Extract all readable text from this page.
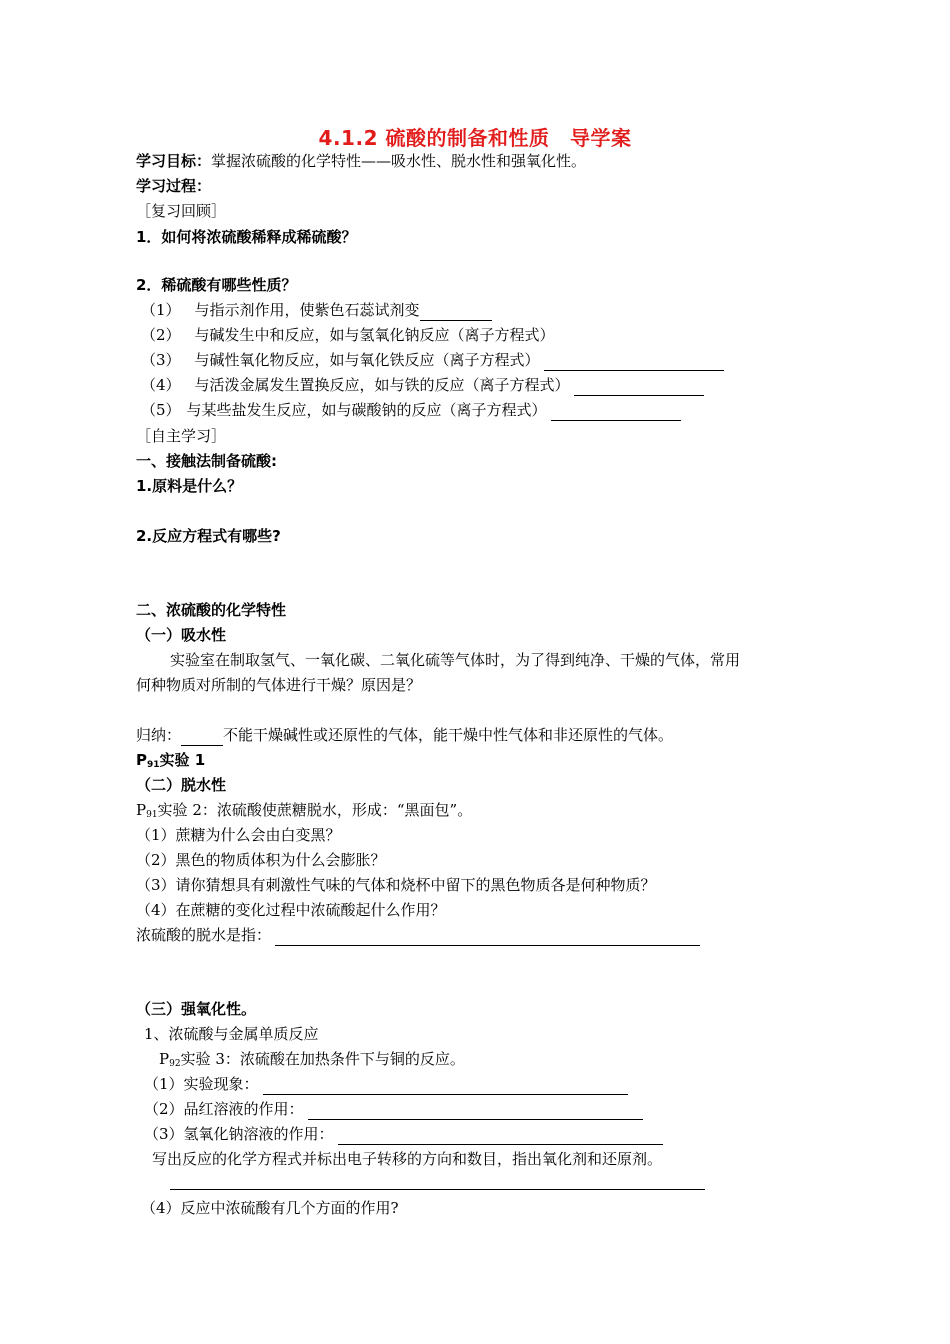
4.1.2 硫酸的制备和性质　导学案
学习目标：掌握浓硫酸的化学特性——吸水性、脱水性和强氧化性。
学习过程：
［复习回顾］
1．如何将浓硫酸稀释成稀硫酸？
2．稀硫酸有哪些性质？
（1） 与指示剂作用，使紫色石蕊试剂变
（2） 与碱发生中和反应，如与氢氧化钠反应（离子方程式）
（3） 与碱性氧化物反应，如与氧化铁反应（离子方程式）
（4） 与活泼金属发生置换反应，如与铁的反应（离子方程式）
（5） 与某些盐发生反应，如与碳酸钠的反应（离子方程式）
［自主学习］
一、接触法制备硫酸:
1.原料是什么？
2.反应方程式有哪些?
二、浓硫酸的化学特性
（一）吸水性
实验室在制取氢气、一氧化碳、二氧化硫等气体时，为了得到纯净、干燥的气体，常用
何种物质对所制的气体进行干燥？原因是？
归纳：	不能干燥碱性或还原性的气体，能干燥中性气体和非还原性的气体。
$P_{91}$实验 1
（二）脱水性
$P_{91}$实验 2：浓硫酸使蔗糖脱水，形成：“黑面包”。
（1）蔗糖为什么会由白变黑？
（2）黑色的物质体积为什么会膨胀？
（3）请你猜想具有刺激性气味的气体和烧杯中留下的黑色物质各是何种物质？
（4）在蔗糖的变化过程中浓硫酸起什么作用？
浓硫酸的脱水是指：
（三）强氧化性。
1、浓硫酸与金属单质反应
$P_{92}$实验 3：浓硫酸在加热条件下与铜的反应。
（1）实验现象：
（2）品红溶液的作用：
（3）氢氧化钠溶液的作用：
写出反应的化学方程式并标出电子转移的方向和数目，指出氧化剂和还原剂。
（4）反应中浓硫酸有几个方面的作用?
